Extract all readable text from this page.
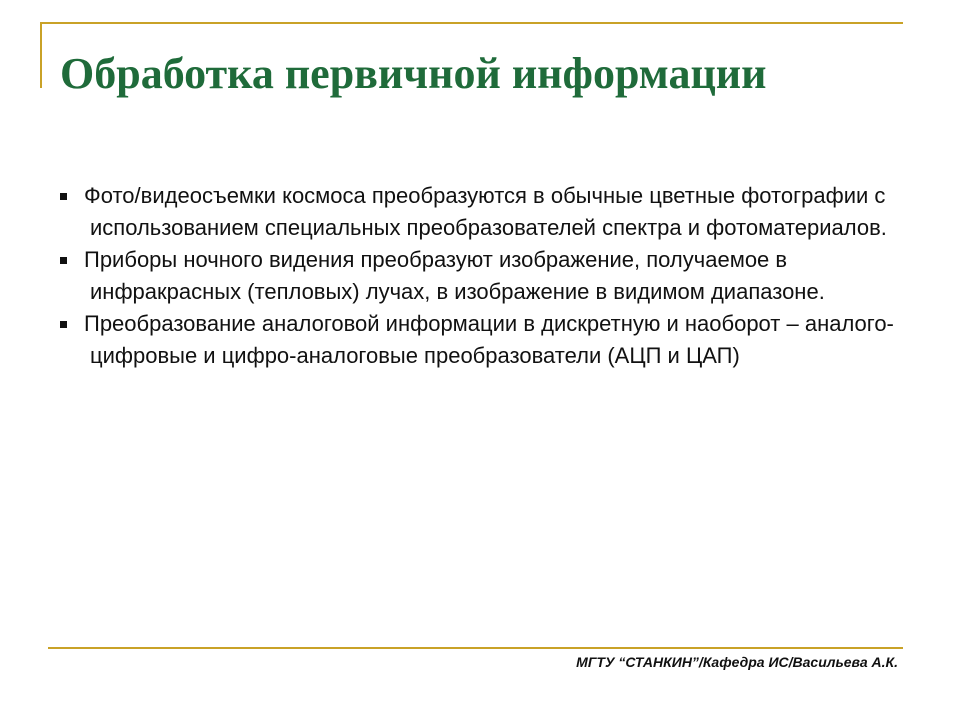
Обработка первичной информации
Фото/видеосъемки космоса преобразуются в обычные цветные фотографии с использованием специальных преобразователей спектра и фотоматериалов.
Приборы ночного видения преобразуют изображение, получаемое в инфракрасных (тепловых) лучах, в изображение в видимом диапазоне.
Преобразование аналоговой информации в дискретную и наоборот – аналого-цифровые и цифро-аналоговые преобразователи (АЦП и ЦАП)
МГТУ “СТАНКИН”/Кафедра ИС/Васильева А.К.
